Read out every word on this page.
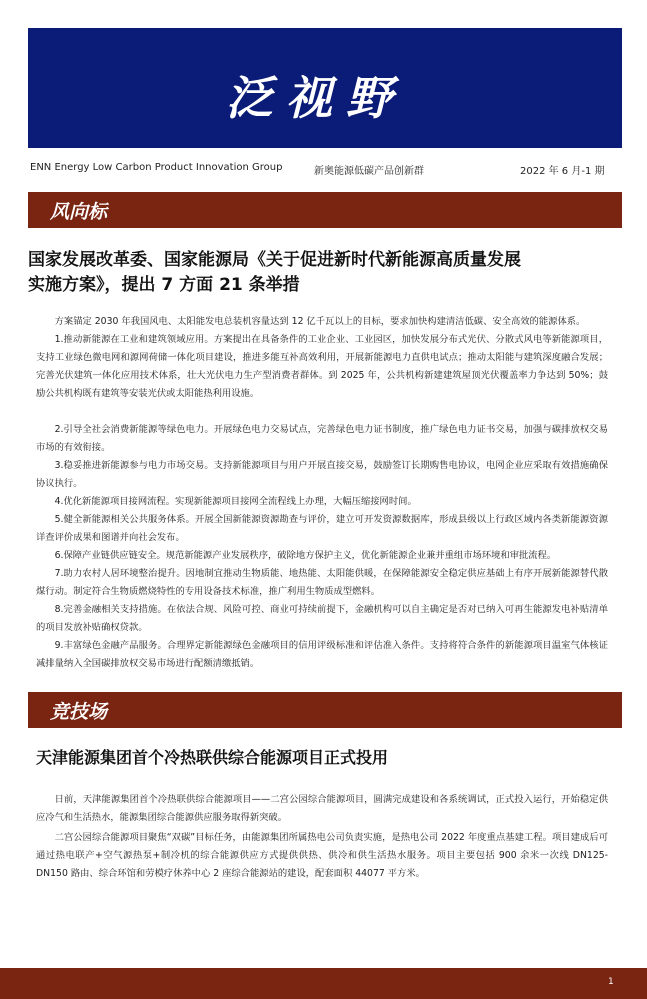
泛视野
ENN Energy Low Carbon Product Innovation Group	新奥能源低碳产品创新群	2022 年 6 月-1 期
风向标
国家发展改革委、国家能源局《关于促进新时代新能源高质量发展
实施方案》，提出 7 方面 21 条举措

方案锚定 2030 年我国风电、太阳能发电总装机容量达到 12 亿千瓦以上的目标，要求加快构建清洁低碳、安全高效的能源体系。

1.推动新能源在工业和建筑领域应用。方案提出在具备条件的工业企业、工业园区，加快发展分布式光伏、分散式风电等新能源项目，支持工业绿色微电网和源网荷储一体化项目建设，推进多能互补高效利用，开展新能源电力直供电试点；推动太阳能与建筑深度融合发展；完善光伏建筑一体化应用技术体系，壮大光伏电力生产型消费者群体。到 2025 年，公共机构新建建筑屋顶光伏覆盖率力争达到 50%；鼓励公共机构既有建筑等安装光伏或太阳能热利用设施。

2.引导全社会消费新能源等绿色电力。开展绿色电力交易试点，完善绿色电力证书制度，推广绿色电力证书交易，加强与碳排放权交易市场的有效衔接。

3.稳妥推进新能源参与电力市场交易。支持新能源项目与用户开展直接交易，鼓励签订长期购售电协议，电网企业应采取有效措施确保协议执行。

4.优化新能源项目接网流程。实现新能源项目接网全流程线上办理，大幅压缩接网时间。

5.健全新能源相关公共服务体系。开展全国新能源资源勘查与评价，建立可开发资源数据库，形成县级以上行政区域内各类新能源资源详查评价成果和图谱并向社会发布。

6.保障产业链供应链安全。规范新能源产业发展秩序，破除地方保护主义，优化新能源企业兼并重组市场环境和审批流程。

7.助力农村人居环境整治提升。因地制宜推动生物质能、地热能、太阳能供暖，在保障能源安全稳定供应基础上有序开展新能源替代散煤行动。制定符合生物质燃烧特性的专用设备技术标准，推广利用生物质成型燃料。

8.完善金融相关支持措施。在依法合规、风险可控、商业可持续前提下，金融机构可以自主确定是否对已纳入可再生能源发电补贴清单的项目发放补贴确权贷款。

9.丰富绿色金融产品服务。合理界定新能源绿色金融项目的信用评级标准和评估准入条件。支持将符合条件的新能源项目温室气体核证减排量纳入全国碳排放权交易市场进行配额清缴抵销。

竞技场
天津能源集团首个冷热联供综合能源项目正式投用

日前，天津能源集团首个冷热联供综合能源项目——二宫公园综合能源项目，圆满完成建设和各系统调试，正式投入运行，开始稳定供应冷气和生活热水，能源集团综合能源供应服务取得新突破。

二宫公园综合能源项目聚焦“双碳”目标任务，由能源集团所属热电公司负责实施，是热电公司 2022 年度重点基建工程。项目建成后可通过热电联产+空气源热泵+制冷机的综合能源供应方式提供供热、供冷和供生活热水服务。项目主要包括 900 余米一次线 DN125-DN150 路由、综合环馆和劳模疗休养中心 2 座综合能源站的建设，配套面积 44077 平方米。

1
